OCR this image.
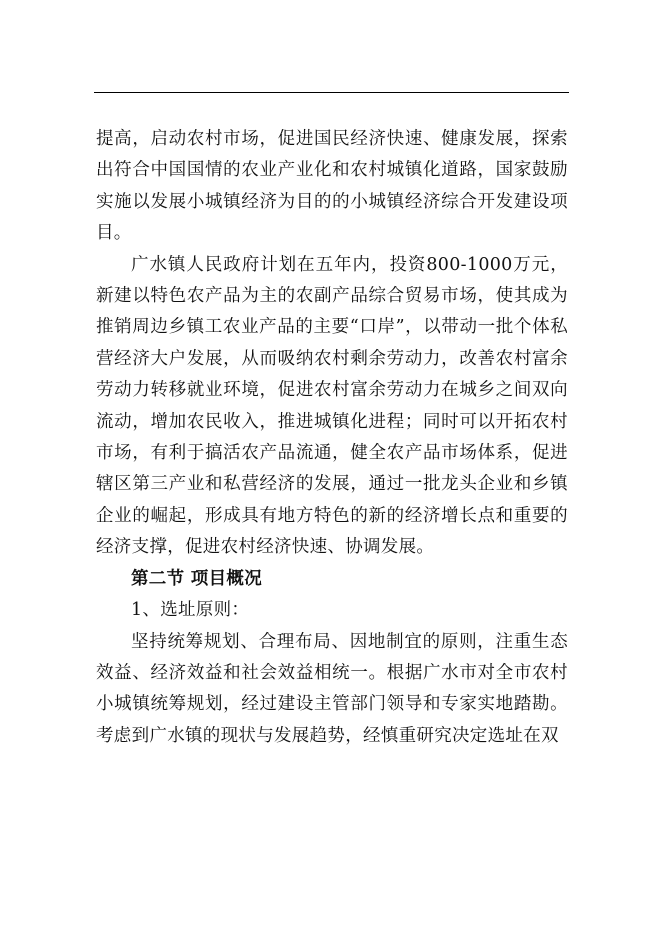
提高，启动农村市场，促进国民经济快速、健康发展，探索出符合中国国情的农业产业化和农村城镇化道路，国家鼓励实施以发展小城镇经济为目的的小城镇经济综合开发建设项目。

广水镇人民政府计划在五年内，投资800-1000万元，新建以特色农产品为主的农副产品综合贸易市场，使其成为推销周边乡镇工农业产品的主要“口岸”，以带动一批个体私营经济大户发展，从而吸纳农村剩余劳动力，改善农村富余劳动力转移就业环境，促进农村富余劳动力在城乡之间双向流动，增加农民收入，推进城镇化进程；同时可以开拓农村市场，有利于搞活农产品流通，健全农产品市场体系，促进辖区第三产业和私营经济的发展，通过一批龙头企业和乡镇企业的崛起，形成具有地方特色的新的经济增长点和重要的经济支撑，促进农村经济快速、协调发展。

第二节 项目概况

1、选址原则：

坚持统筹规划、合理布局、因地制宜的原则，注重生态效益、经济效益和社会效益相统一。根据广水市对全市农村小城镇统筹规划，经过建设主管部门领导和专家实地踏勘。考虑到广水镇的现状与发展趋势，经慎重研究决定选址在双
